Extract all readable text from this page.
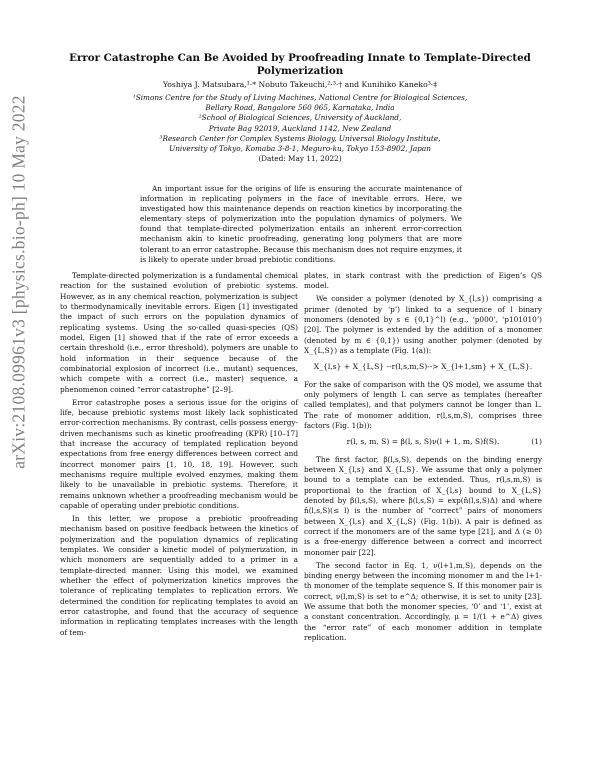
arXiv:2108.09961v3 [physics.bio-ph] 10 May 2022
Error Catastrophe Can Be Avoided by Proofreading Innate to Template-Directed Polymerization
Yoshiya J. Matsubara,¹·* Nobuto Takeuchi,²·³·† and Kunihiko Kaneko³·‡
¹Simons Centre for the Study of Living Machines, National Centre for Biological Sciences,
Bellary Road, Bangalore 560 065, Karnataka, India
²School of Biological Sciences, University of Auckland,
Private Bag 92019, Auckland 1142, New Zealand
³Research Center for Complex Systems Biology, Universal Biology Institute,
University of Tokyo, Komaba 3-8-1, Meguro-ku, Tokyo 153-8902, Japan
(Dated: May 11, 2022)
An important issue for the origins of life is ensuring the accurate maintenance of information in replicating polymers in the face of inevitable errors. Here, we investigated how this maintenance depends on reaction kinetics by incorporating the elementary steps of polymerization into the population dynamics of polymers. We found that template-directed polymerization entails an inherent error-correction mechanism akin to kinetic proofreading, generating long polymers that are more tolerant to an error catastrophe. Because this mechanism does not require enzymes, it is likely to operate under broad prebiotic conditions.

Template-directed polymerization is a fundamental chemical reaction for the sustained evolution of prebiotic systems. However, as in any chemical reaction, polymerization is subject to thermodynamically inevitable errors. Eigen [1] investigated the impact of such errors on the population dynamics of replicating systems. Using the so-called quasi-species (QS) model, Eigen [1] showed that if the rate of error exceeds a certain threshold (i.e., error threshold), polymers are unable to hold information in their sequence because of the combinatorial explosion of incorrect (i.e., mutant) sequences, which compete with a correct (i.e., master) sequence, a phenomenon coined “error catastrophe” [2–9].

Error catastrophe poses a serious issue for the origins of life, because prebiotic systems most likely lack sophisticated error-correction mechanisms. By contrast, cells possess energy-driven mechanisms such as kinetic proofreading (KPR) [10–17] that increase the accuracy of templated replication beyond expectations from free energy differences between correct and incorrect monomer pairs [1, 10, 18, 19]. However, such mechanisms require multiple evolved enzymes, making them likely to be unavailable in prebiotic systems. Therefore, it remains unknown whether a proofreading mechanism would be capable of operating under prebiotic conditions.

In this letter, we propose a prebiotic proofreading mechanism based on positive feedback between the kinetics of polymerization and the population dynamics of replicating templates. We consider a kinetic model of polymerization, in which monomers are sequentially added to a primer in a template-directed manner. Using this model, we examined whether the effect of polymerization kinetics improves the tolerance of replicating templates to replication errors. We determined the condition for replicating templates to avoid an error catastrophe, and found that the accuracy of sequence information in replicating templates increases with the length of tem-

plates, in stark contrast with the prediction of Eigen’s QS model.

We consider a polymer (denoted by X_{l,s}) comprising a primer (denoted by ‘p’) linked to a sequence of l binary monomers (denoted by s ∈ {0,1}^l) (e.g., ‘p000’, ‘p101010’) [20]. The polymer is extended by the addition of a monomer (denoted by m ∈ {0,1}) using another polymer (denoted by X_{L,S}) as a template (Fig. 1(a)):

X_{l,s} + X_{L,S} --r(l,s,m,S)--> X_{l+1,sm} + X_{L,S}.

For the sake of comparison with the QS model, we assume that only polymers of length L can serve as templates (hereafter called templates), and that polymers cannot be longer than L. The rate of monomer addition, r(l,s,m,S), comprises three factors (Fig. 1(b)):

r(l, s, m, S) = β(l, s, S)ν(l + 1, m, S)f(S).	(1)

The first factor, β(l,s,S), depends on the binding energy between X_{l,s} and X_{L,S}. We assume that only a polymer bound to a template can be extended. Thus, r(l,s,m,S) is proportional to the fraction of X_{l,s} bound to X_{L,S} denoted by β(l,s,S), where β(l,s,S) = exp(n̂(l,s,S)Δ) and where n̂(l,s,S)(≤ l) is the number of “correct” pairs of monomers between X_{l,s} and X_{L,S} (Fig. 1(b)). A pair is defined as correct if the monomers are of the same type [21], and Δ (≥ 0) is a free-energy difference between a correct and incorrect monomer pair [22].

The second factor in Eq. 1, ν(l+1,m,S), depends on the binding energy between the incoming monomer m and the l+1-th monomer of the template sequence S. If this monomer pair is correct, ν(l,m,S) is set to e^Δ; otherwise, it is set to unity [23]. We assume that both the monomer species, ‘0’ and ‘1’, exist at a constant concentration. Accordingly, μ = 1/(1 + e^Δ) gives the “error rate” of each monomer addition in template replication.
